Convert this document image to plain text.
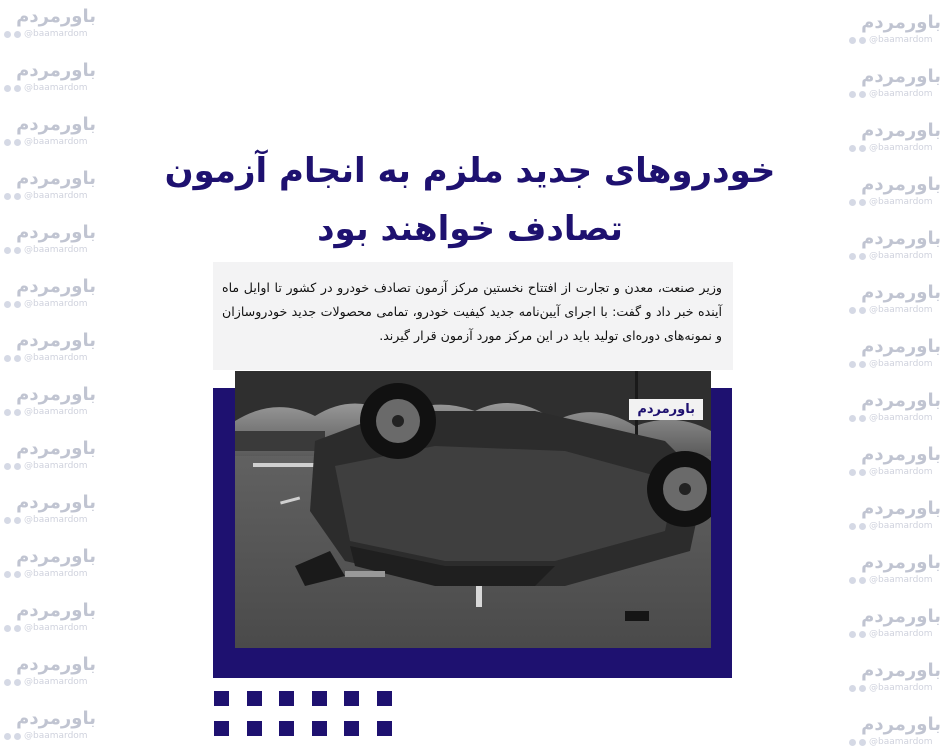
باورمردم
@baamardom
باورمردم
@baamardom
باورمردم
@baamardom
باورمردم
@baamardom
باورمردم
@baamardom
باورمردم
@baamardom
باورمردم
@baamardom
باورمردم
@baamardom
باورمردم
@baamardom
باورمردم
@baamardom
باورمردم
@baamardom
باورمردم
@baamardom
باورمردم
@baamardom
باورمردم
@baamardom
باورمردم
@baamardom
باورمردم
@baamardom
باورمردم
@baamardom
باورمردم
@baamardom
باورمردم
@baamardom
باورمردم
@baamardom
باورمردم
@baamardom
باورمردم
@baamardom
باورمردم
@baamardom
باورمردم
@baamardom
باورمردم
@baamardom
باورمردم
@baamardom
باورمردم
@baamardom
باورمردم
@baamardom
خودروهای جدید ملزم به انجام آزمون
تصادف خواهند بود
وزیر صنعت، معدن و تجارت از افتتاح نخستین مرکز آزمون تصادف خودرو در کشور تا اوایل ماه آینده خبر داد و گفت: با اجرای آیین‌نامه جدید کیفیت خودرو، تمامی محصولات جدید خودروسازان و نمونه‌های دوره‌ای تولید باید در این مرکز مورد آزمون قرار گیرند.
باورمردم
